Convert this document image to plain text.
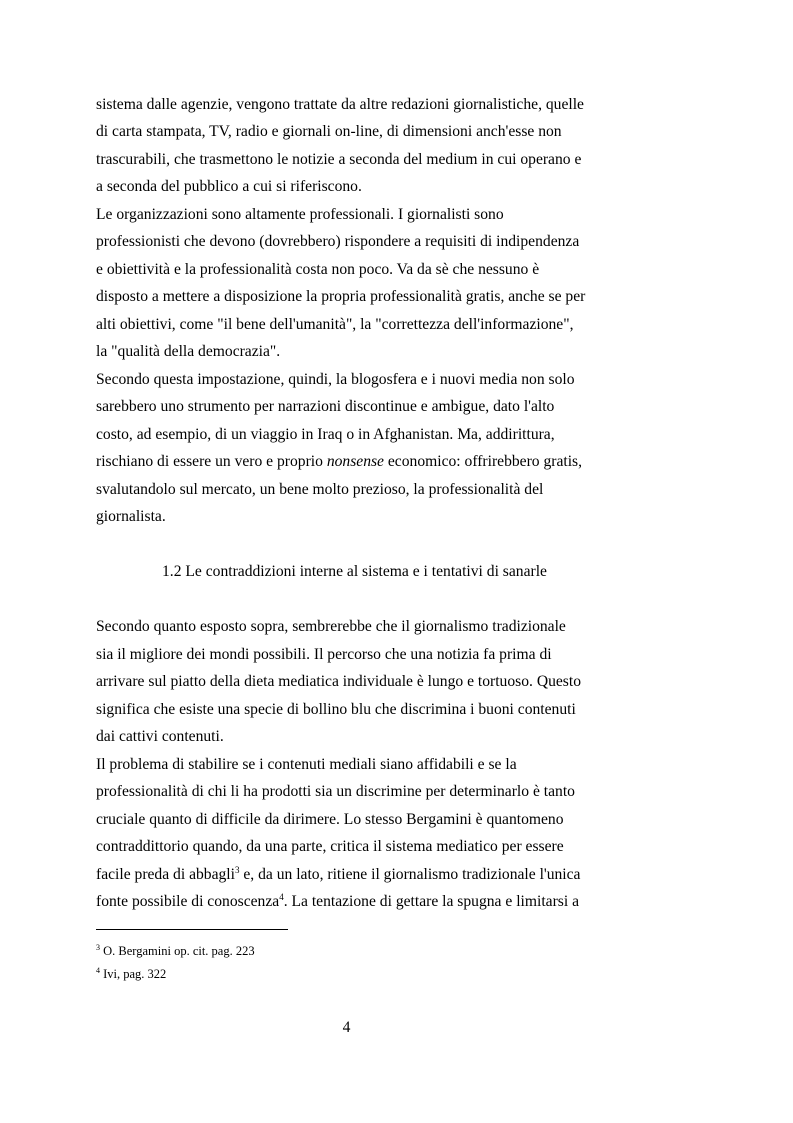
sistema dalle agenzie, vengono trattate da altre redazioni giornalistiche, quelle
di carta stampata, TV, radio e giornali on-line, di dimensioni anch'esse non
trascurabili, che trasmettono le notizie a seconda del medium in cui operano e
a seconda del pubblico a cui si riferiscono.
Le organizzazioni sono altamente professionali. I giornalisti sono
professionisti che devono (dovrebbero) rispondere a requisiti di indipendenza
e obiettività e la professionalità costa non poco. Va da sè che nessuno è
disposto a mettere a disposizione la propria professionalità gratis, anche se per
alti obiettivi, come "il bene dell'umanità", la "correttezza dell'informazione",
la "qualità della democrazia".
Secondo questa impostazione, quindi, la blogosfera e i nuovi media non solo
sarebbero uno strumento per narrazioni discontinue e ambigue, dato l'alto
costo, ad esempio, di un viaggio in Iraq o in Afghanistan. Ma, addirittura,
rischiano di essere un vero e proprio nonsense economico: offrirebbero gratis,
svalutandolo sul mercato, un bene molto prezioso, la professionalità del
giornalista.
1.2 Le contraddizioni interne al sistema e i tentativi di sanarle
Secondo quanto esposto sopra, sembrerebbe che il giornalismo tradizionale
sia il migliore dei mondi possibili. Il percorso che una notizia fa prima di
arrivare sul piatto della dieta mediatica individuale è lungo e tortuoso. Questo
significa che esiste una specie di bollino blu che discrimina i buoni contenuti
dai cattivi contenuti.
Il problema di stabilire se i contenuti mediali siano affidabili e se la
professionalità di chi li ha prodotti sia un discrimine per determinarlo è tanto
cruciale quanto di difficile da dirimere. Lo stesso Bergamini è quantomeno
contraddittorio quando, da una parte, critica il sistema mediatico per essere
facile preda di abbagli$^3$ e, da un lato, ritiene il giornalismo tradizionale l'unica
fonte possibile di conoscenza$^4$. La tentazione di gettare la spugna e limitarsi a
$^3$ O. Bergamini op. cit. pag. 223
$^4$ Ivi, pag. 322
4
